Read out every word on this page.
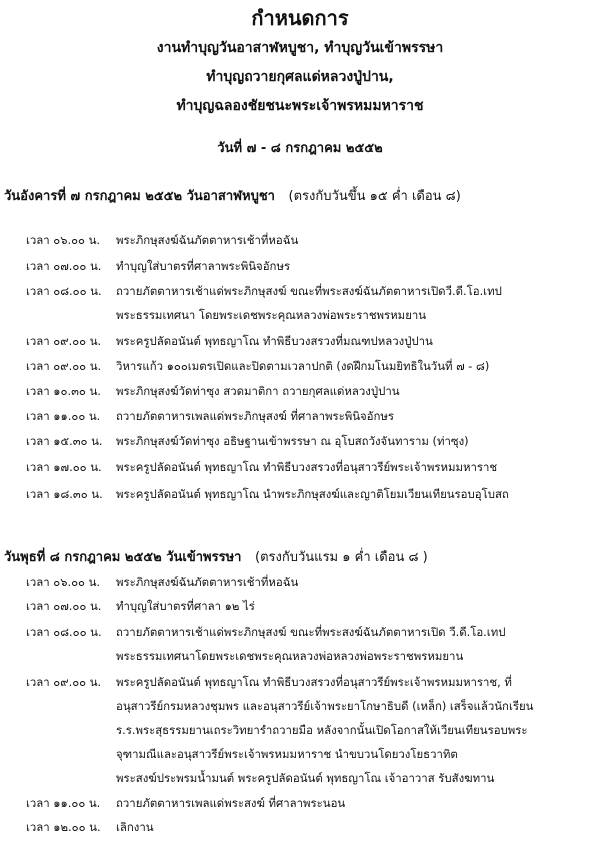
กำหนดการ
งานทำบุญวันอาสาฬหบูชา, ทำบุญวันเข้าพรรษา
ทำบุญถวายกุศลแด่หลวงปู่ปาน,
ทำบุญฉลองชัยชนะพระเจ้าพรหมมหาราช
วันที่ ๗ - ๘ กรกฎาคม ๒๕๕๒
วันอังคารที่ ๗ กรกฎาคม ๒๕๕๒ วันอาสาฬหบูชา (ตรงกับวันขึ้น ๑๕ ค่ำ เดือน ๘)
เวลา ๐๖.๐๐ น.	พระภิกษุสงฆ์ฉันภัตตาหารเช้าที่หอฉัน
เวลา ๐๗.๐๐ น.	ทำบุญใส่บาตรที่ศาลาพระพินิจอักษร
เวลา ๐๘.๐๐ น.	ถวายภัตตาหารเช้าแด่พระภิกษุสงฆ์ ขณะที่พระสงฆ์ฉันภัตตาหารเปิดวี.ดี.โอ.เทป
พระธรรมเทศนา โดยพระเดชพระคุณหลวงพ่อพระราชพรหมยาน
เวลา ๐๙.๐๐ น.	พระครูปลัดอนันต์ พุทธญาโณ ทำพิธีบวงสรวงที่มณฑปหลวงปู่ปาน
เวลา ๐๙.๐๐ น.	วิหารแก้ว ๑๐๐เมตรเปิดและปิดตามเวลาปกติ (งดฝึกมโนมยิทธิในวันที่ ๗ - ๘)
เวลา ๑๐.๓๐ น.	พระภิกษุสงฆ์วัดท่าซุง สวดมาติกา ถวายกุศลแด่หลวงปู่ปาน
เวลา ๑๑.๐๐ น.	ถวายภัตตาหารเพลแด่พระภิกษุสงฆ์ ที่ศาลาพระพินิจอักษร
เวลา ๑๕.๓๐ น.	พระภิกษุสงฆ์วัดท่าซุง อธิษฐานเข้าพรรษา ณ อุโบสถวังจันทาราม (ท่าซุง)
เวลา ๑๗.๐๐ น.	พระครูปลัดอนันต์ พุทธญาโณ ทำพิธีบวงสรวงที่อนุสาวรีย์พระเจ้าพรหมมหาราช
เวลา ๑๘.๓๐ น.	พระครูปลัดอนันต์ พุทธญาโณ นำพระภิกษุสงฆ์และญาติโยมเวียนเทียนรอบอุโบสถ
วันพุธที่ ๘ กรกฎาคม ๒๕๕๒ วันเข้าพรรษา (ตรงกับวันแรม ๑ ค่ำ เดือน ๘ )
เวลา ๐๖.๐๐ น.	พระภิกษุสงฆ์ฉันภัตตาหารเช้าที่หอฉัน
เวลา ๐๗.๐๐ น.	ทำบุญใส่บาตรที่ศาลา ๑๒ ไร่
เวลา ๐๘.๐๐ น.	ถวายภัตตาหารเช้าแด่พระภิกษุสงฆ์ ขณะที่พระสงฆ์ฉันภัตตาหารเปิด วี.ดี.โอ.เทป
พระธรรมเทศนาโดยพระเดชพระคุณหลวงพ่อหลวงพ่อพระราชพรหมยาน
เวลา ๐๙.๐๐ น.	พระครูปลัดอนันต์ พุทธญาโณ ทำพิธีบวงสรวงที่อนุสาวรีย์พระเจ้าพรหมมหาราช, ที่
อนุสาวรีย์กรมหลวงชุมพร และอนุสาวรีย์เจ้าพระยาโกษาธิบดี (เหล็ก) เสร็จแล้วนักเรียน
ร.ร.พระสุธรรมยานเถระวิทยารำถวายมือ หลังจากนั้นเปิดโอกาสให้เวียนเทียนรอบพระ
จุฑามณีและอนุสาวรีย์พระเจ้าพรหมมหาราช นำขบวนโดยวงโยธวาทิต
พระสงฆ์ประพรมน้ำมนต์ พระครูปลัดอนันต์ พุทธญาโณ เจ้าอาวาส รับสังฆทาน
เวลา ๑๑.๐๐ น.	ถวายภัตตาหารเพลแด่พระสงฆ์ ที่ศาลาพระนอน
เวลา ๑๒.๐๐ น.	เลิกงาน
